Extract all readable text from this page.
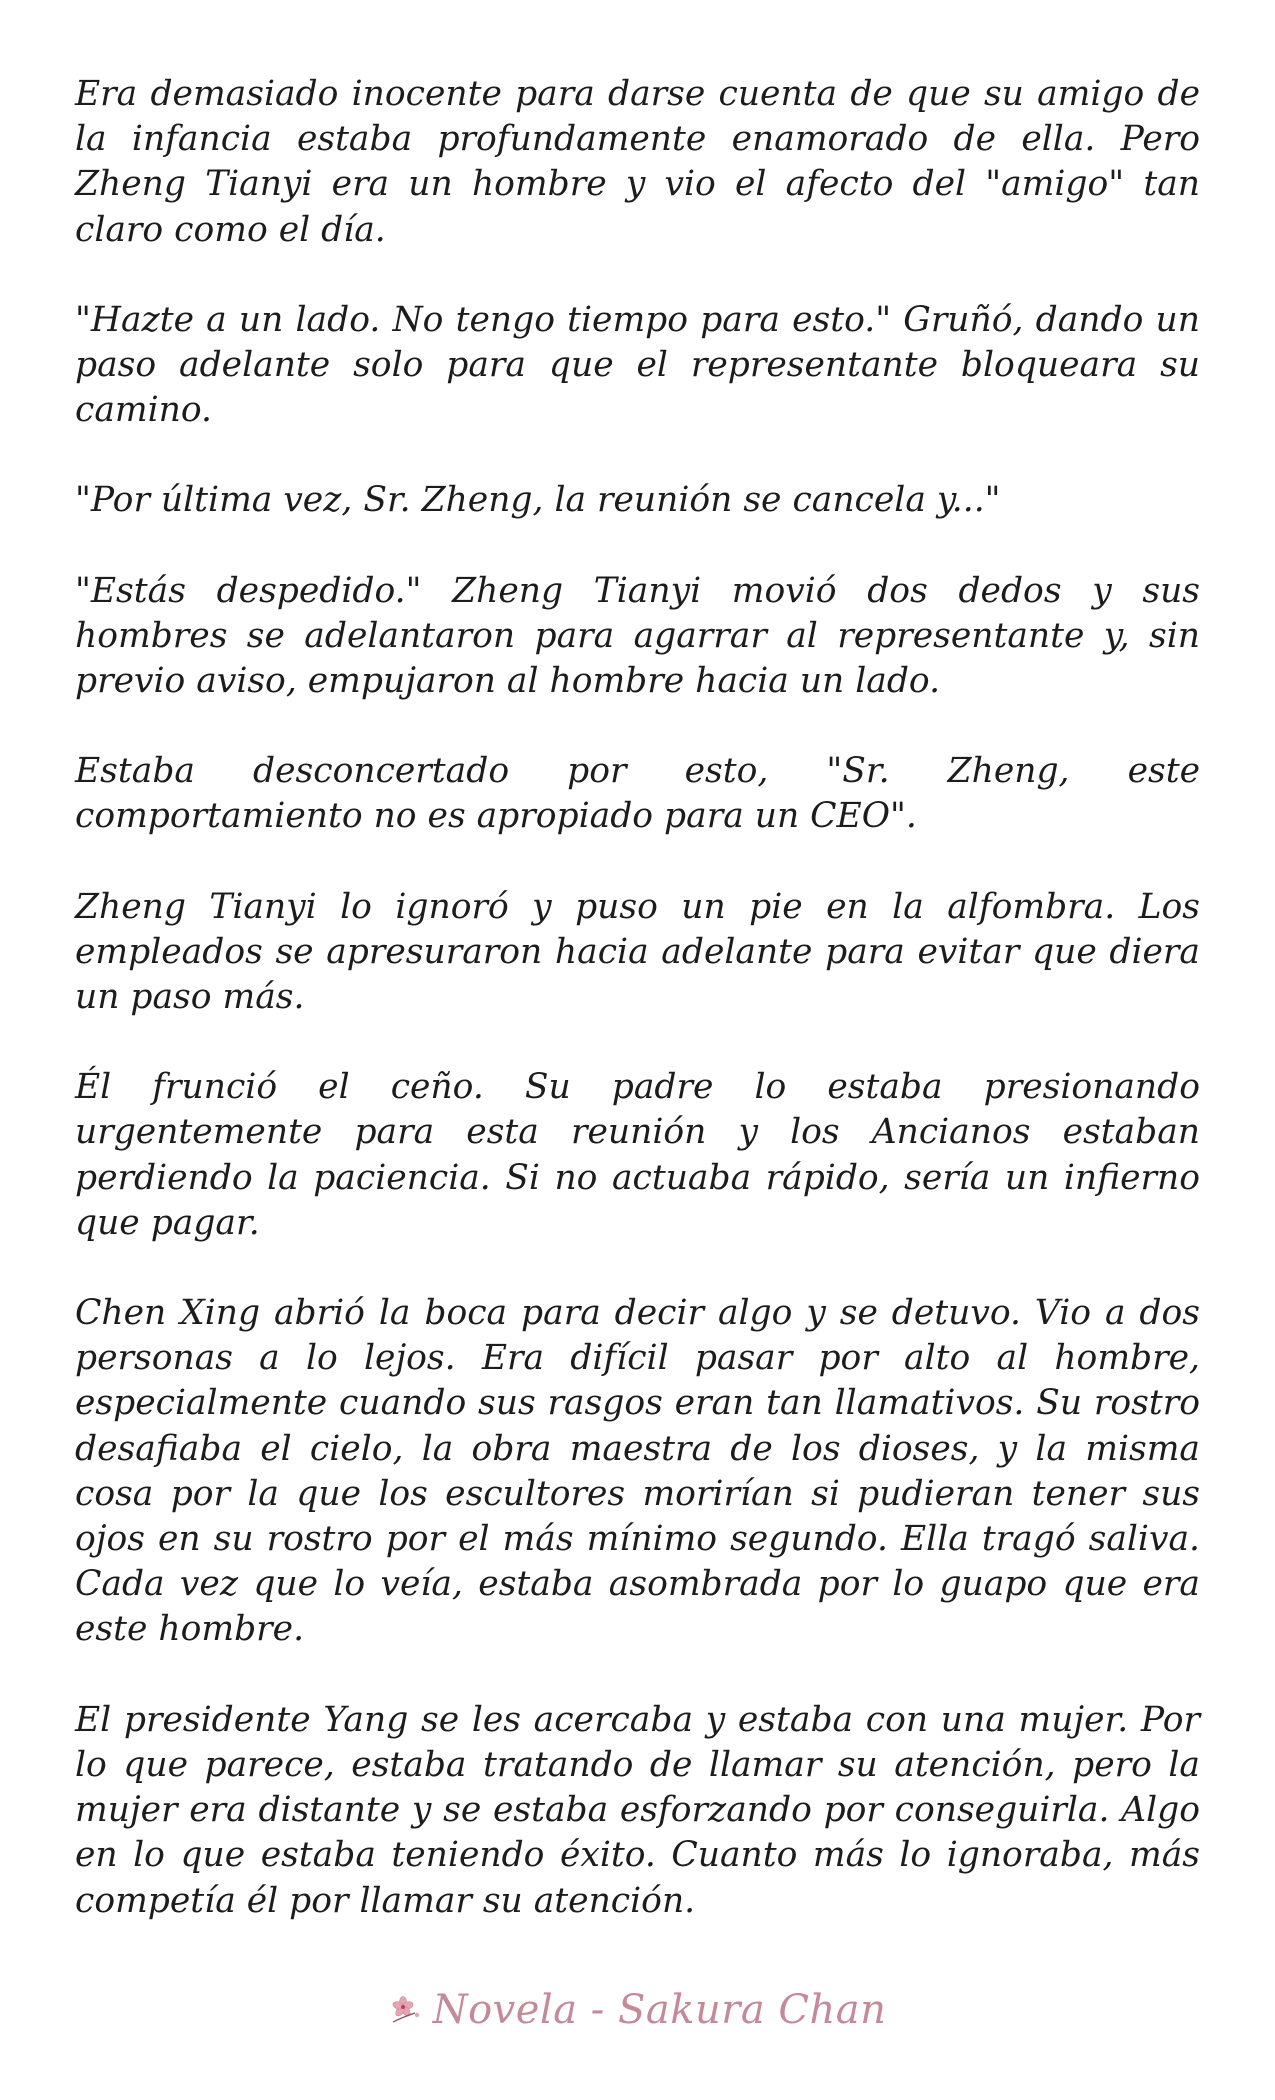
Era demasiado inocente para darse cuenta de que su amigo de la infancia estaba profundamente enamorado de ella. Pero Zheng Tianyi era un hombre y vio el afecto del "amigo" tan claro como el día.

"Hazte a un lado. No tengo tiempo para esto." Gruñó, dando un paso adelante solo para que el representante bloqueara su camino.

"Por última vez, Sr. Zheng, la reunión se cancela y..."

"Estás despedido." Zheng Tianyi movió dos dedos y sus hombres se adelantaron para agarrar al representante y, sin previo aviso, empujaron al hombre hacia un lado.

Estaba desconcertado por esto, "Sr. Zheng, este comportamiento no es apropiado para un CEO".

Zheng Tianyi lo ignoró y puso un pie en la alfombra. Los empleados se apresuraron hacia adelante para evitar que diera un paso más.

Él frunció el ceño. Su padre lo estaba presionando urgentemente para esta reunión y los Ancianos estaban perdiendo la paciencia. Si no actuaba rápido, sería un infierno que pagar.

Chen Xing abrió la boca para decir algo y se detuvo. Vio a dos personas a lo lejos. Era difícil pasar por alto al hombre, especialmente cuando sus rasgos eran tan llamativos. Su rostro desafiaba el cielo, la obra maestra de los dioses, y la misma cosa por la que los escultores morirían si pudieran tener sus ojos en su rostro por el más mínimo segundo. Ella tragó saliva. Cada vez que lo veía, estaba asombrada por lo guapo que era este hombre.

El presidente Yang se les acercaba y estaba con una mujer. Por lo que parece, estaba tratando de llamar su atención, pero la mujer era distante y se estaba esforzando por conseguirla. Algo en lo que estaba teniendo éxito. Cuanto más lo ignoraba, más competía él por llamar su atención.

Novela - Sakura Chan
